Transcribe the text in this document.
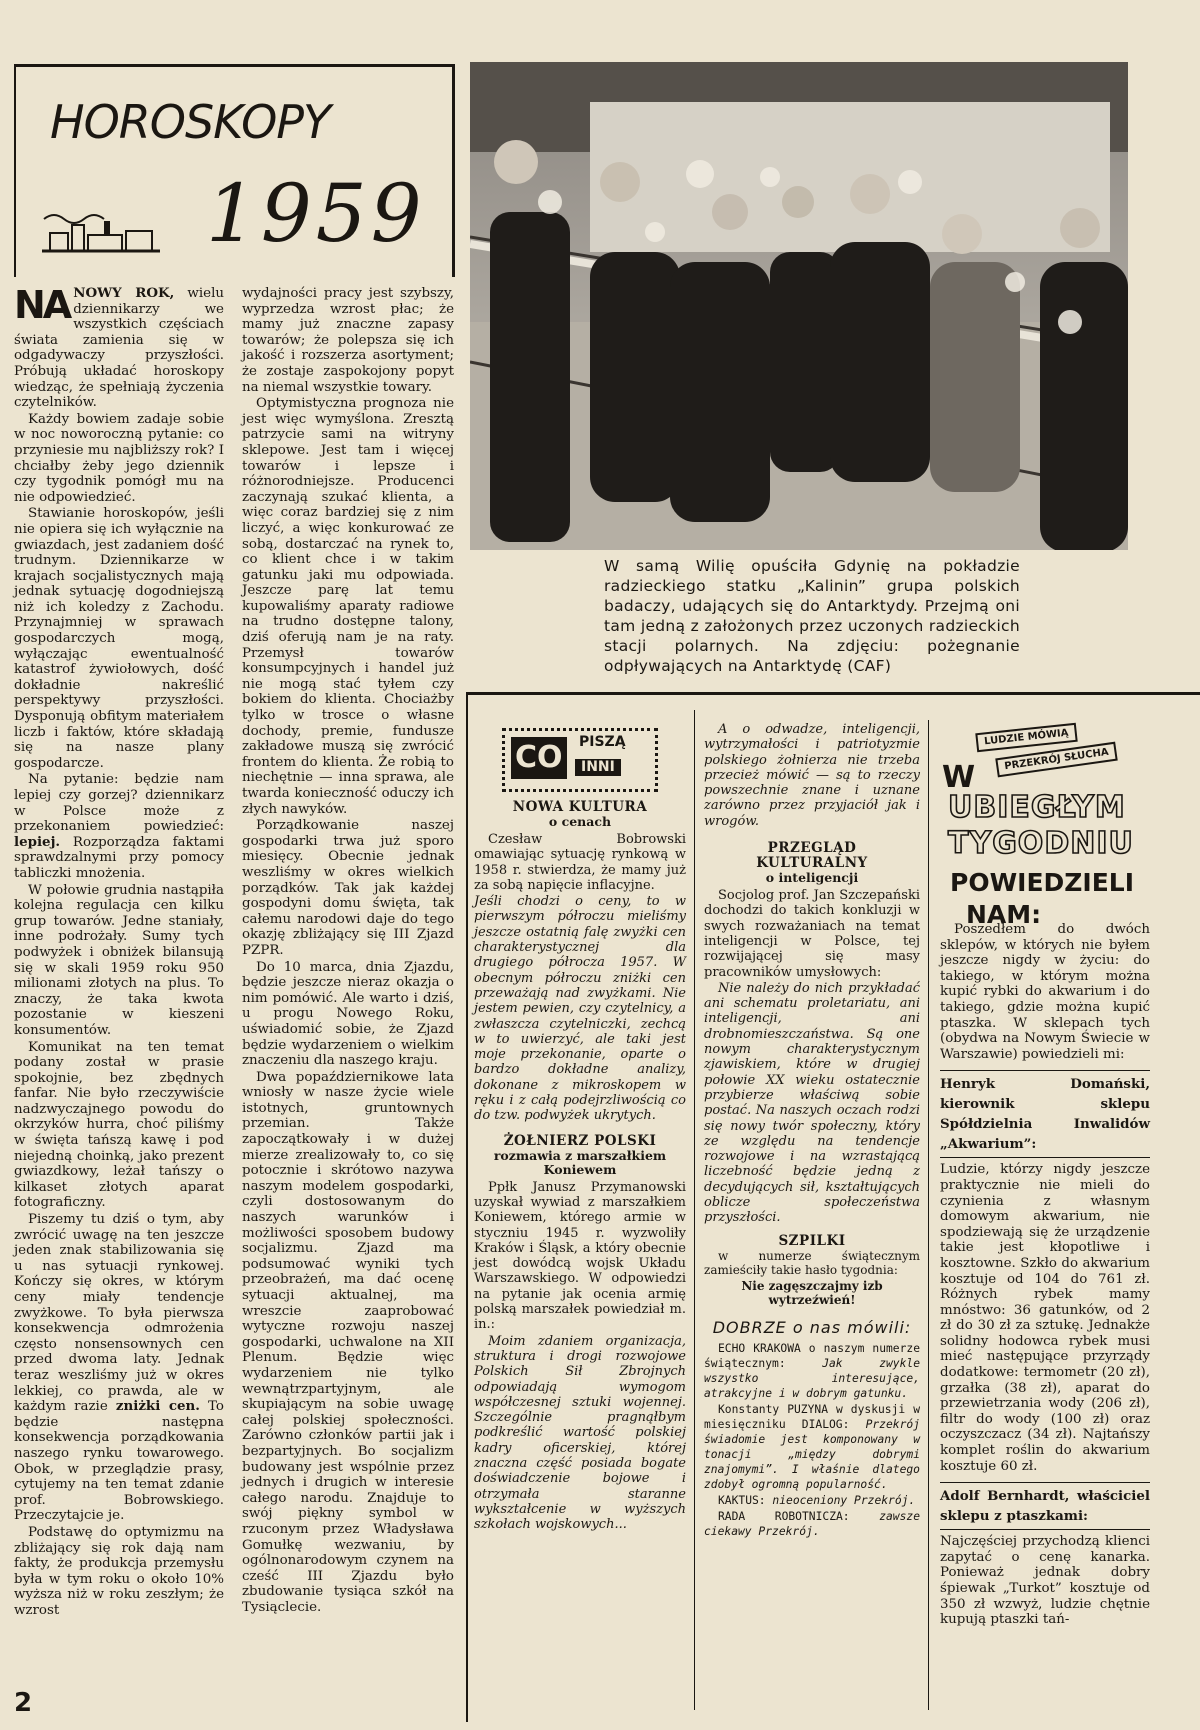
HOROSKOPY
1959
W samą Wilię opuściła Gdynię na pokładzie radzieckiego statku „Kalinin” grupa polskich badaczy, udających się do Antarktydy. Przejmą oni tam jedną z założonych przez uczonych radzieckich stacji polarnych. Na zdjęciu: pożegnanie odpływających na Antarktydę (CAF)
NA NOWY ROK, wielu dziennikarzy we wszystkich częściach świata zamienia się w odgadywaczy przyszłości. Próbują układać horoskopy wiedząc, że spełniają życzenia czytelników.

Każdy bowiem zadaje sobie w noc noworoczną pytanie: co przyniesie mu najbliższy rok? I chciałby żeby jego dziennik czy tygodnik pomógł mu na nie odpowiedzieć.

Stawianie horoskopów, jeśli nie opiera się ich wyłącznie na gwiazdach, jest zadaniem dość trudnym. Dziennikarze w krajach socjalistycznych mają jednak sytuację dogodniejszą niż ich koledzy z Zachodu. Przynajmniej w sprawach gospodarczych mogą, wyłączając ewentualność katastrof żywiołowych, dość dokładnie nakreślić perspektywy przyszłości. Dysponują obfitym materiałem liczb i faktów, które składają się na nasze plany gospodarcze.

Na pytanie: będzie nam lepiej czy gorzej? dziennikarz w Polsce może z przekonaniem powiedzieć: lepiej. Rozporządza faktami sprawdzalnymi przy pomocy tabliczki mnożenia.

W połowie grudnia nastąpiła kolejna regulacja cen kilku grup towarów. Jedne staniały, inne podrożały. Sumy tych podwyżek i obniżek bilansują się w skali 1959 roku 950 milionami złotych na plus. To znaczy, że taka kwota pozostanie w kieszeni konsumentów.

Komunikat na ten temat podany został w prasie spokojnie, bez zbędnych fanfar. Nie było rzeczywiście nadzwyczajnego powodu do okrzyków hurra, choć piliśmy w święta tańszą kawę i pod niejedną choinką, jako prezent gwiazdkowy, leżał tańszy o kilkaset złotych aparat fotograficzny.

Piszemy tu dziś o tym, aby zwrócić uwagę na ten jeszcze jeden znak stabilizowania się u nas sytuacji rynkowej. Kończy się okres, w którym ceny miały tendencje zwyżkowe. To była pierwsza konsekwencja odmrożenia często nonsensownych cen przed dwoma laty. Jednak teraz weszliśmy już w okres lekkiej, co prawda, ale w każdym razie zniżki cen. To będzie następna konsekwencja porządkowania naszego rynku towarowego. Obok, w przeglądzie prasy, cytujemy na ten temat zdanie prof. Bobrowskiego. Przeczytajcie je.

Podstawę do optymizmu na zbliżający się rok dają nam fakty, że produkcja przemysłu była w tym roku o około 10% wyższa niż w roku zeszłym; że wzrost

wydajności pracy jest szybszy, wyprzedza wzrost płac; że mamy już znaczne zapasy towarów; że polepsza się ich jakość i rozszerza asortyment; że zostaje zaspokojony popyt na niemal wszystkie towary.

Optymistyczna prognoza nie jest więc wymyślona. Zresztą patrzycie sami na witryny sklepowe. Jest tam i więcej towarów i lepsze i różnorodniejsze. Producenci zaczynają szukać klienta, a więc coraz bardziej się z nim liczyć, a więc konkurować ze sobą, dostarczać na rynek to, co klient chce i w takim gatunku jaki mu odpowiada. Jeszcze parę lat temu kupowaliśmy aparaty radiowe na trudno dostępne talony, dziś oferują nam je na raty. Przemysł towarów konsumpcyjnych i handel już nie mogą stać tyłem czy bokiem do klienta. Chociażby tylko w trosce o własne dochody, premie, fundusze zakładowe muszą się zwrócić frontem do klienta. Że robią to niechętnie — inna sprawa, ale twarda konieczność oduczy ich złych nawyków.

Porządkowanie naszej gospodarki trwa już sporo miesięcy. Obecnie jednak weszliśmy w okres wielkich porządków. Tak jak każdej gospodyni domu święta, tak całemu narodowi daje do tego okazję zbliżający się III Zjazd PZPR.

Do 10 marca, dnia Zjazdu, będzie jeszcze nieraz okazja o nim pomówić. Ale warto i dziś, u progu Nowego Roku, uświadomić sobie, że Zjazd będzie wydarzeniem o wielkim znaczeniu dla naszego kraju.

Dwa popaździernikowe lata wniosły w nasze życie wiele istotnych, gruntownych przemian. Także zapoczątkowały i w dużej mierze zrealizowały to, co się potocznie i skrótowo nazywa naszym modelem gospodarki, czyli dostosowanym do naszych warunków i możliwości sposobem budowy socjalizmu. Zjazd ma podsumować wyniki tych przeobrażeń, ma dać ocenę sytuacji aktualnej, ma wreszcie zaaprobować wytyczne rozwoju naszej gospodarki, uchwalone na XII Plenum. Będzie więc wydarzeniem nie tylko wewnątrzpartyjnym, ale skupiającym na sobie uwagę całej polskiej społeczności. Zarówno członków partii jak i bezpartyjnych. Bo socjalizm budowany jest wspólnie przez jednych i drugich w interesie całego narodu. Znajduje to swój piękny symbol w rzuconym przez Władysława Gomułkę wezwaniu, by ogólnonarodowym czynem na cześć III Zjazdu było zbudowanie tysiąca szkół na Tysiąclecie.

CO PISZĄ
INNI
NOWA KULTURA
o cenach

Czesław Bobrowski omawiając sytuację rynkową w 1958 r. stwierdza, że mamy już za sobą napięcie inflacyjne.

Jeśli chodzi o ceny, to w pierwszym półroczu mieliśmy jeszcze ostatnią falę zwyżki cen charakterystycznej dla drugiego półrocza 1957. W obecnym półroczu zniżki cen przeważają nad zwyżkami. Nie jestem pewien, czy czytelnicy, a zwłaszcza czytelniczki, zechcą w to uwierzyć, ale taki jest moje przekonanie, oparte o bardzo dokładne analizy, dokonane z mikroskopem w ręku i z całą podejrzliwością co do tzw. podwyżek ukrytych.

ŻOŁNIERZ POLSKI
rozmawia z marszałkiem Koniewem

Ppłk Janusz Przymanowski uzyskał wywiad z marszałkiem Koniewem, którego armie w styczniu 1945 r. wyzwoliły Kraków i Śląsk, a który obecnie jest dowódcą wojsk Układu Warszawskiego. W odpowiedzi na pytanie jak ocenia armię polską marszałek powiedział m. in.:

Moim zdaniem organizacja, struktura i drogi rozwojowe Polskich Sił Zbrojnych odpowiadają wymogom współczesnej sztuki wojennej. Szczególnie pragnąłbym podkreślić wartość polskiej kadry oficerskiej, której znaczna część posiada bogate doświadczenie bojowe i otrzymała staranne wykształcenie w wyższych szkołach wojskowych...

A o odwadze, inteligencji, wytrzymałości i patriotyzmie polskiego żołnierza nie trzeba przecież mówić — są to rzeczy powszechnie znane i uznane zarówno przez przyjaciół jak i wrogów.

PRZEGLĄD KULTURALNY
o inteligencji

Socjolog prof. Jan Szczepański dochodzi do takich konkluzji w swych rozważaniach na temat inteligencji w Polsce, tej rozwijającej się masy pracowników umysłowych:

Nie należy do nich przykładać ani schematu proletariatu, ani inteligencji, ani drobnomieszczaństwa. Są one nowym charakterystycznym zjawiskiem, które w drugiej połowie XX wieku ostatecznie przybierze właściwą sobie postać. Na naszych oczach rodzi się nowy twór społeczny, który ze względu na tendencje rozwojowe i na wzrastającą liczebność będzie jedną z decydujących sił, kształtujących oblicze społeczeństwa przyszłości.

SZPILKI

w numerze świątecznym zamieściły takie hasło tygodnia:

Nie zagęszczajmy izb wytrzeźwień!

DOBRZE o nas mówili:

ECHO KRAKOWA o naszym numerze świątecznym: Jak zwykle wszystko interesujące, atrakcyjne i w dobrym gatunku.

Konstanty PUZYNA w dyskusji w miesięczniku DIALOG: Przekrój świadomie jest komponowany w tonacji „między dobrymi znajomymi”. I właśnie dlatego zdobył ogromną popularność.

KAKTUS: nieoceniony Przekrój.

RADA ROBOTNICZA:	zawsze ciekawy Przekrój.

LUDZIE MÓWIĄ
PRZEKRÓJ SŁUCHA
W
UBIEGŁYM
TYGODNIU
POWIEDZIELI
NAM:

Poszedłem do dwóch sklepów, w których nie byłem jeszcze nigdy w życiu: do takiego, w którym można kupić rybki do akwarium i do takiego, gdzie można kupić ptaszka. W sklepach tych (obydwa na Nowym Świecie w Warszawie) powiedzieli mi:

Henryk Domański, kierownik sklepu Spółdzielnia Inwalidów „Akwarium”:

Ludzie, którzy nigdy jeszcze praktycznie nie mieli do czynienia z własnym domowym akwarium, nie spodziewają się że urządzenie takie jest kłopotliwe i kosztowne. Szkło do akwarium kosztuje od 104 do 761 zł. Różnych rybek mamy mnóstwo: 36 gatunków, od 2 zł do 30 zł za sztukę. Jednakże solidny hodowca rybek musi mieć następujące przyrządy dodatkowe: termometr (20 zł), grzałka (38 zł), aparat do przewietrzania wody (206 zł), filtr do wody (100 zł) oraz oczyszczacz (34 zł). Najtańszy komplet roślin do akwarium kosztuje 60 zł.

Adolf Bernhardt, właściciel sklepu z ptaszkami:

Najczęściej przychodzą klienci zapytać o cenę kanarka. Ponieważ jednak dobry śpiewak „Turkot” kosztuje od 350 zł wzwyż, ludzie chętnie kupują ptaszki tań-

2
